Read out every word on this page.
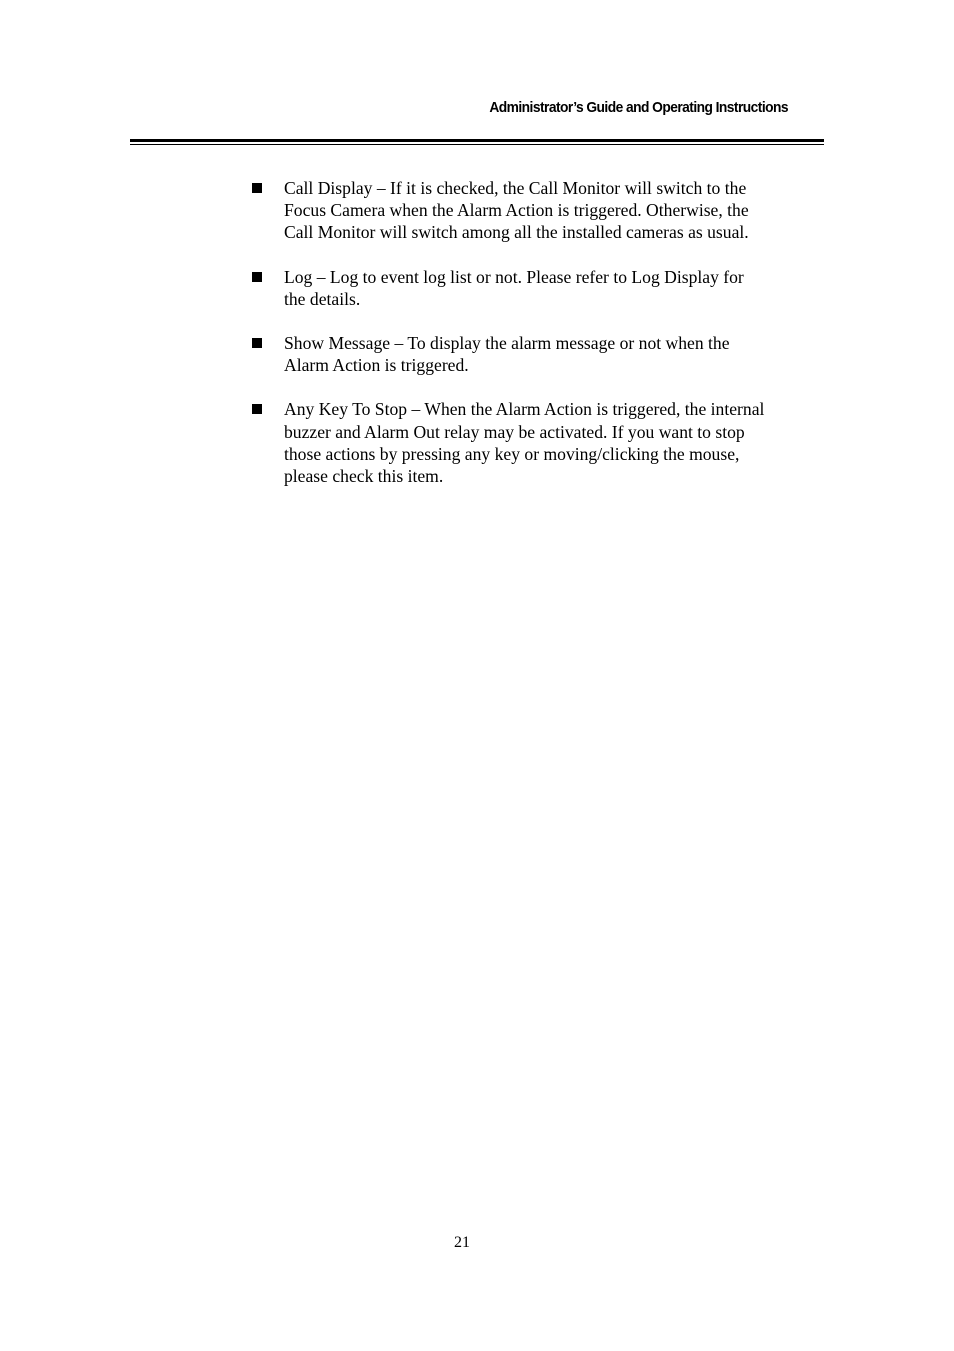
Administrator’s Guide and Operating Instructions
Call Display – If it is checked, the Call Monitor will switch to the
Focus Camera when the Alarm Action is triggered. Otherwise, the
Call Monitor will switch among all the installed cameras as usual.
Log – Log to event log list or not. Please refer to Log Display for
the details.
Show Message – To display the alarm message or not when the
Alarm Action is triggered.
Any Key To Stop – When the Alarm Action is triggered, the internal
buzzer and Alarm Out relay may be activated. If you want to stop
those actions by pressing any key or moving/clicking the mouse,
please check this item.
21
